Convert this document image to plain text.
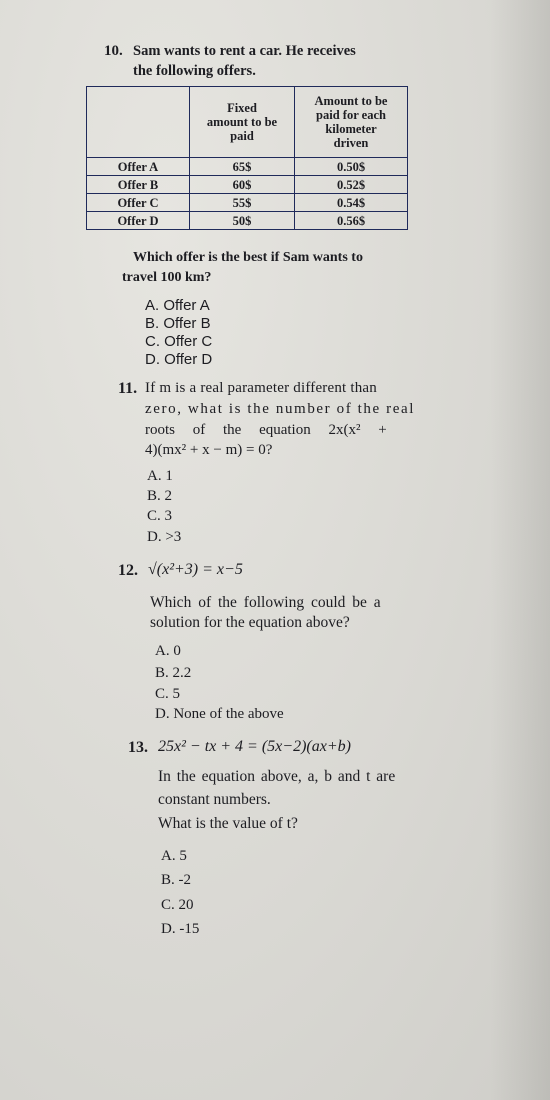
10. Sam wants to rent a car. He receives
the following offers.
	Fixed
amount to be
paid	Amount to be
paid for each
kilometer
driven
Offer A	65$	0.50$
Offer B	60$	0.52$
Offer C	55$	0.54$
Offer D	50$	0.56$
Which offer is the best if Sam wants to
travel 100 km?
A. Offer A
B. Offer B
C. Offer C
D. Offer D
11. If m is a real parameter different than
zero, what is the number of the real
roots of the equation 2x(x² +
4)(mx² + x − m) = 0?
A. 1
B. 2
C. 3
D. >3
12. √(x²+3) = x−5
Which of the following could be a
solution for the equation above?
A. 0
B. 2.2
C. 5
D. None of the above
13. 25x² − tx + 4 = (5x−2)(ax+b)
In the equation above, a, b and t are
constant numbers.
What is the value of t?
A. 5
B. -2
C. 20
D. -15
